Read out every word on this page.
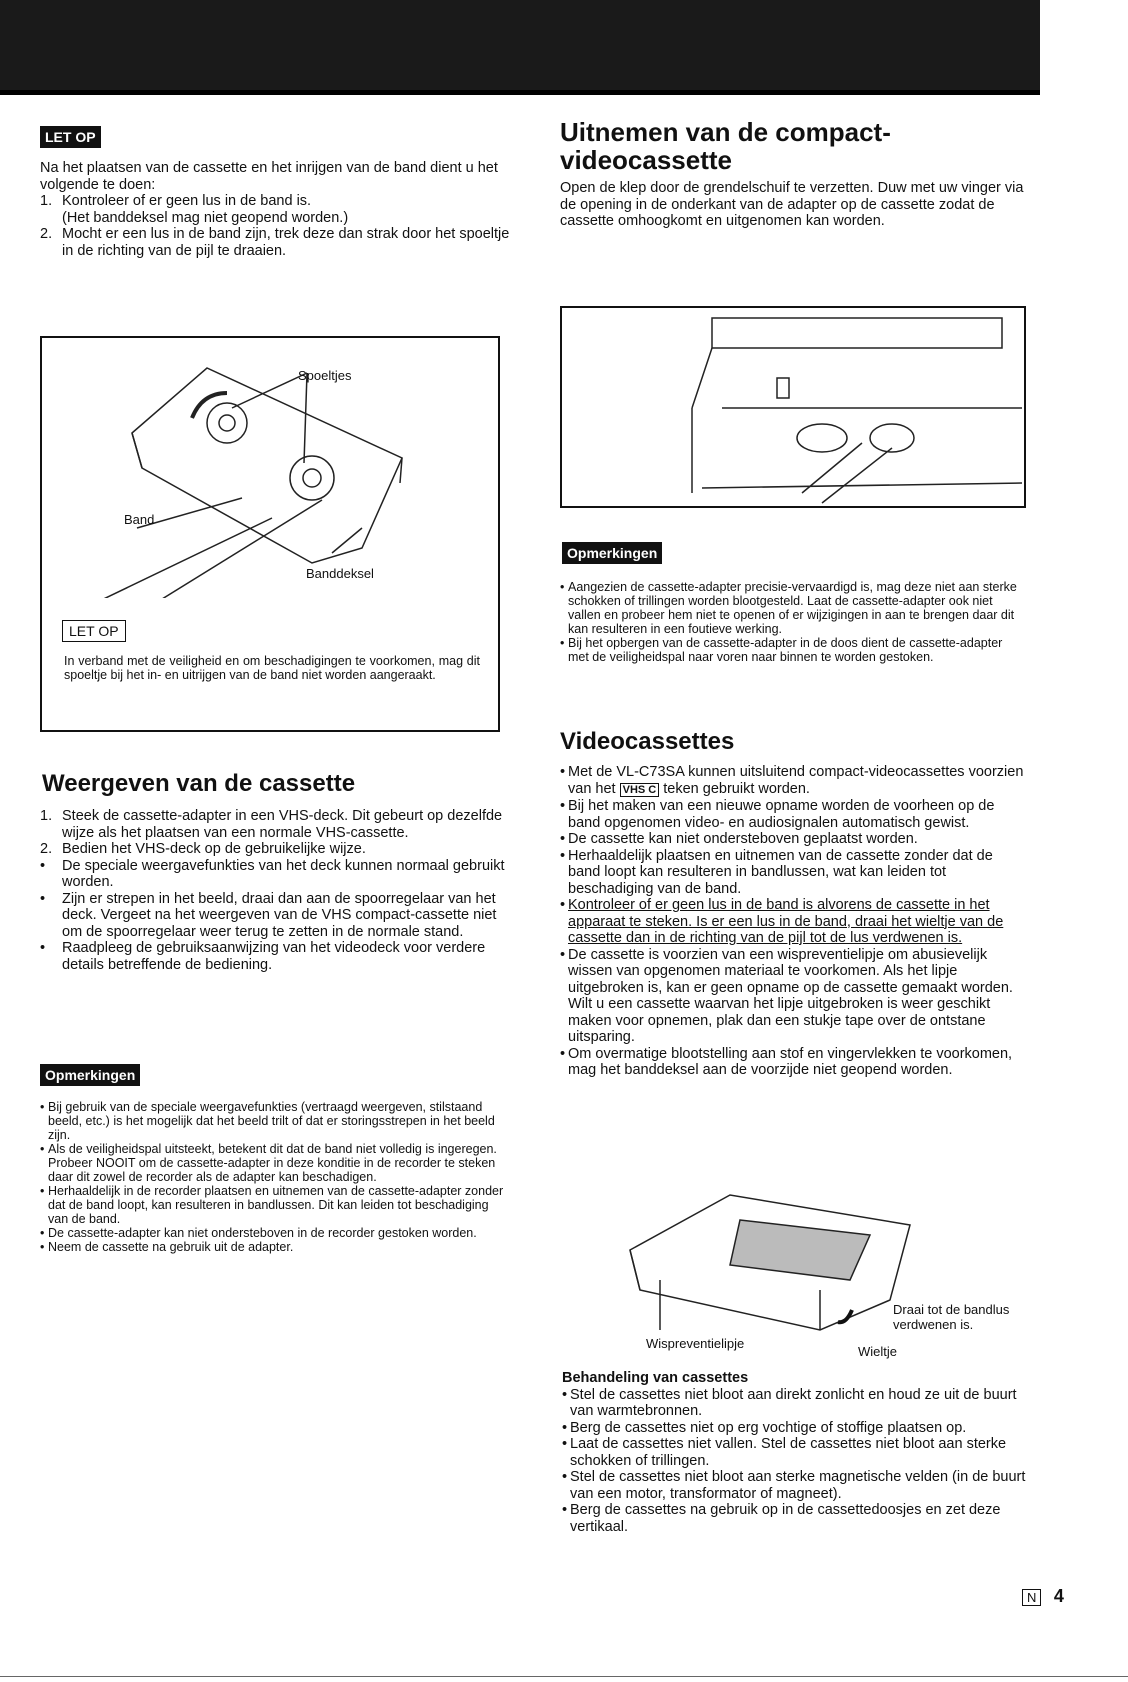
LET OP

Na het plaatsen van de cassette en het inrijgen van de band dient u het volgende te doen:

1. Kontroleer of er geen lus in de band is.
(Het banddeksel mag niet geopend worden.)
2. Mocht er een lus in de band zijn, trek deze dan strak door het spoeltje in de richting van de pijl te draaien.
Spoeltjes
Band
Banddeksel
LET OP

In verband met de veiligheid en om beschadigingen te voorkomen, mag dit spoeltje bij het in- en uitrijgen van de band niet worden aangeraakt.

Weergeven van de cassette
1. Steek de cassette-adapter in een VHS-deck. Dit gebeurt op dezelfde wijze als het plaatsen van een normale VHS-cassette.
2. Bedien het VHS-deck op de gebruikelijke wijze.
• De speciale weergavefunkties van het deck kunnen normaal gebruikt worden.
• Zijn er strepen in het beeld, draai dan aan de spoorregelaar van het deck. Vergeet na het weergeven van de VHS compact-cassette niet om de spoorregelaar weer terug te zetten in de normale stand.
• Raadpleeg de gebruiksaanwijzing van het videodeck voor verdere details betreffende de bediening.
Opmerkingen
• Bij gebruik van de speciale weergavefunkties (vertraagd weergeven, stilstaand beeld, etc.) is het mogelijk dat het beeld trilt of dat er storingsstrepen in het beeld zijn.
• Als de veiligheidspal uitsteekt, betekent dit dat de band niet volledig is ingeregen. Probeer NOOIT om de cassette-adapter in deze konditie in de recorder te steken daar dit zowel de recorder als de adapter kan beschadigen.
• Herhaaldelijk in de recorder plaatsen en uitnemen van de cassette-adapter zonder dat de band loopt, kan resulteren in bandlussen. Dit kan leiden tot beschadiging van de band.
• De cassette-adapter kan niet ondersteboven in de recorder gestoken worden.
• Neem de cassette na gebruik uit de adapter.
Uitnemen van de compact-videocassette

Open de klep door de grendelschuif te verzetten. Duw met uw vinger via de opening in de onderkant van de adapter op de cassette zodat de cassette omhoogkomt en uitgenomen kan worden.

Opmerkingen
• Aangezien de cassette-adapter precisie-vervaardigd is, mag deze niet aan sterke schokken of trillingen worden blootgesteld. Laat de cassette-adapter ook niet vallen en probeer hem niet te openen of er wijzigingen in aan te brengen daar dit kan resulteren in een foutieve werking.
• Bij het opbergen van de cassette-adapter in de doos dient de cassette-adapter met de veiligheidspal naar voren naar binnen te worden gestoken.
Videocassettes
• Met de VL-C73SA kunnen uitsluitend compact-videocassettes voorzien van het VHS C teken gebruikt worden.
• Bij het maken van een nieuwe opname worden de voorheen op de band opgenomen video- en audiosignalen automatisch gewist.
• De cassette kan niet ondersteboven geplaatst worden.
• Herhaaldelijk plaatsen en uitnemen van de cassette zonder dat de band loopt kan resulteren in bandlussen, wat kan leiden tot beschadiging van de band.
• Kontroleer of er geen lus in de band is alvorens de cassette in het apparaat te steken. Is er een lus in de band, draai het wieltje van de cassette dan in de richting van de pijl tot de lus verdwenen is.
• De cassette is voorzien van een wispreventielipje om abusievelijk wissen van opgenomen materiaal te voorkomen. Als het lipje uitgebroken is, kan er geen opname op de cassette gemaakt worden. Wilt u een cassette waarvan het lipje uitgebroken is weer geschikt maken voor opnemen, plak dan een stukje tape over de ontstane uitsparing.
• Om overmatige blootstelling aan stof en vingervlekken te voorkomen, mag het banddeksel aan de voorzijde niet geopend worden.
Draai tot de bandlus verdwenen is.
Wispreventielipje
Wieltje
Behandeling van cassettes
• Stel de cassettes niet bloot aan direkt zonlicht en houd ze uit de buurt van warmtebronnen.
• Berg de cassettes niet op erg vochtige of stoffige plaatsen op.
• Laat de cassettes niet vallen. Stel de cassettes niet bloot aan sterke schokken of trillingen.
• Stel de cassettes niet bloot aan sterke magnetische velden (in de buurt van een motor, transformator of magneet).
• Berg de cassettes na gebruik op in de cassettedoosjes en zet deze vertikaal.
N 4
